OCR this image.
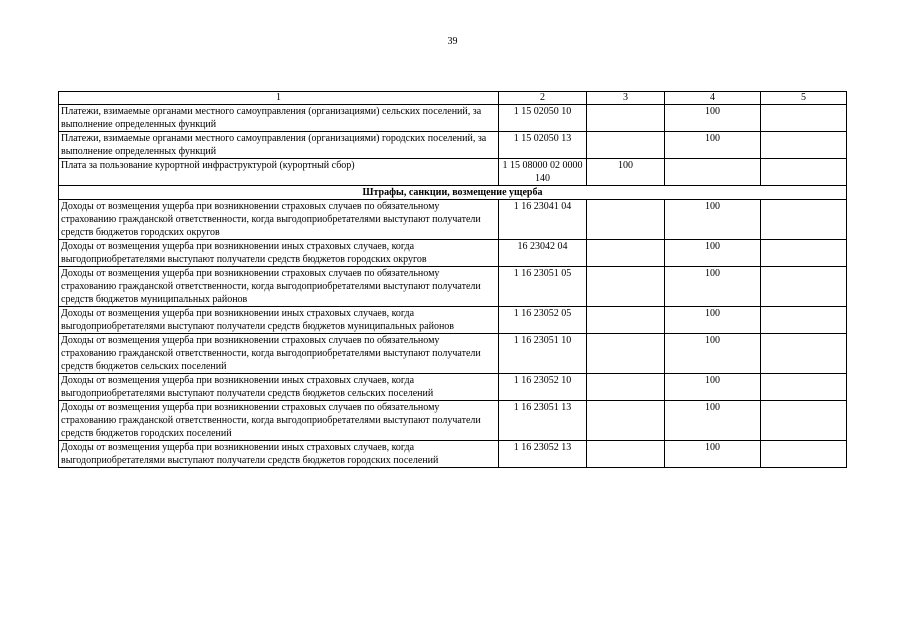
39
1	2	3	4	5
Платежи, взимаемые органами местного самоуправления (организациями) сельских поселений, за выполнение определенных функций	1 15 02050 10		100	
Платежи, взимаемые органами местного самоуправления (организациями) городских поселений, за выполнение определенных функций	1 15 02050 13		100	
Плата за пользование курортной инфраструктурой (курортный сбор)	1 15 08000 02 0000 140	100		
Штрафы, санкции, возмещение ущерба				
Доходы от возмещения ущерба при возникновении страховых случаев по обязательному страхованию гражданской ответственности, когда выгодоприобретателями выступают получатели средств бюджетов городских округов	1 16 23041 04		100	
Доходы от возмещения ущерба при возникновении иных страховых случаев, когда выгодоприобретателями выступают получатели средств бюджетов городских округов	16 23042 04		100	
Доходы от возмещения ущерба при возникновении страховых случаев по обязательному страхованию гражданской ответственности, когда выгодоприобретателями выступают получатели средств бюджетов муниципальных районов	1 16 23051 05		100	
Доходы от возмещения ущерба при возникновении иных страховых случаев, когда выгодоприобретателями выступают получатели средств бюджетов муниципальных районов	1 16 23052 05		100	
Доходы от возмещения ущерба при возникновении страховых случаев по обязательному страхованию гражданской ответственности, когда выгодоприобретателями выступают получатели средств бюджетов сельских поселений	1 16 23051 10		100	
Доходы от возмещения ущерба при возникновении иных страховых случаев, когда выгодоприобретателями выступают получатели средств бюджетов сельских поселений	1 16 23052 10		100	
Доходы от возмещения ущерба при возникновении страховых случаев по обязательному страхованию гражданской ответственности, когда выгодоприобретателями выступают получатели средств бюджетов городских поселений	1 16 23051 13		100	
Доходы от возмещения ущерба при возникновении иных страховых случаев, когда выгодоприобретателями выступают получатели средств бюджетов городских поселений	1 16 23052 13		100	
